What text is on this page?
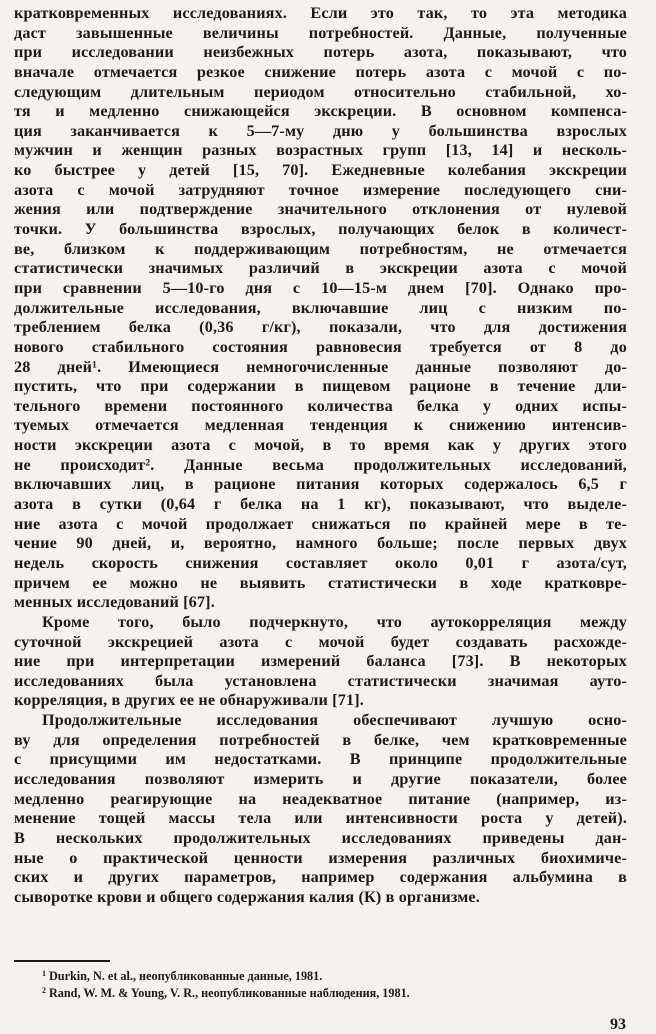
кратковременных исследованиях. Если это так, то эта методика
даст завышенные величины потребностей. Данные, полученные
при исследовании неизбежных потерь азота, показывают, что
вначале отмечается резкое снижение потерь азота с мочой с по-
следующим длительным периодом относительно стабильной, хо-
тя и медленно снижающейся экскреции. В основном компенса-
ция заканчивается к 5—7-му дню у большинства взрослых
мужчин и женщин разных возрастных групп [13, 14] и несколь-
ко быстрее у детей [15, 70]. Ежедневные колебания экскреции
азота с мочой затрудняют точное измерение последующего сни-
жения или подтверждение значительного отклонения от нулевой
точки. У большинства взрослых, получающих белок в количест-
ве, близком к поддерживающим потребностям, не отмечается
статистически значимых различий в экскреции азота с мочой
при сравнении 5—10-го дня с 10—15-м днем [70]. Однако про-
должительные исследования, включавшие лиц с низким по-
треблением белка (0,36 г/кг), показали, что для достижения
нового стабильного состояния равновесия требуется от 8 до
28 дней¹. Имеющиеся немногочисленные данные позволяют до-
пустить, что при содержании в пищевом рационе в течение дли-
тельного времени постоянного количества белка у одних испы-
туемых отмечается медленная тенденция к снижению интенсив-
ности экскреции азота с мочой, в то время как у других этого
не происходит². Данные весьма продолжительных исследований,
включавших лиц, в рационе питания которых содержалось 6,5 г
азота в сутки (0,64 г белка на 1 кг), показывают, что выделе-
ние азота с мочой продолжает снижаться по крайней мере в те-
чение 90 дней, и, вероятно, намного больше; после первых двух
недель скорость снижения составляет около 0,01 г азота/сут,
причем ее можно не выявить статистически в ходе кратковре-
менных исследований [67].
Кроме того, было подчеркнуто, что аутокорреляция между
суточной экскрецией азота с мочой будет создавать расхожде-
ние при интерпретации измерений баланса [73]. В некоторых
исследованиях была установлена статистически значимая ауто-
корреляция, в других ее не обнаруживали [71].
Продолжительные исследования обеспечивают лучшую осно-
ву для определения потребностей в белке, чем кратковременные
с присущими им недостатками. В принципе продолжительные
исследования позволяют измерить и другие показатели, более
медленно реагирующие на неадекватное питание (например, из-
менение тощей массы тела или интенсивности роста у детей).
В нескольких продолжительных исследованиях приведены дан-
ные о практической ценности измерения различных биохимиче-
ских и других параметров, например содержания альбумина в
сыворотке крови и общего содержания калия (К) в организме.
$^1$ Durkin, N. et al., неопубликованные данные, 1981.
$^2$ Rand, W. M. & Young, V. R., неопубликованные наблюдения, 1981.
93
